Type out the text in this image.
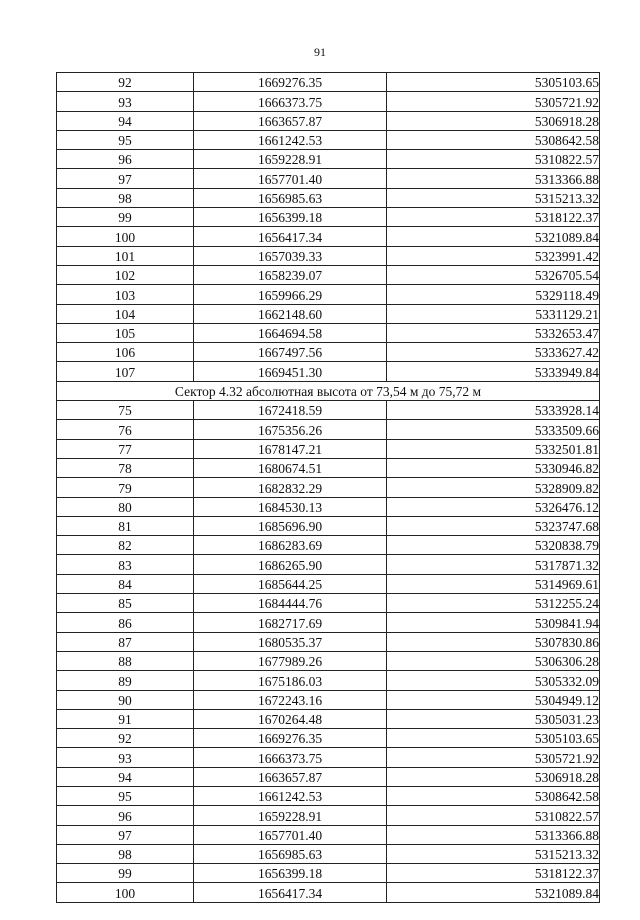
91
92	1669276.35	5305103.65
93	1666373.75	5305721.92
94	1663657.87	5306918.28
95	1661242.53	5308642.58
96	1659228.91	5310822.57
97	1657701.40	5313366.88
98	1656985.63	5315213.32
99	1656399.18	5318122.37
100	1656417.34	5321089.84
101	1657039.33	5323991.42
102	1658239.07	5326705.54
103	1659966.29	5329118.49
104	1662148.60	5331129.21
105	1664694.58	5332653.47
106	1667497.56	5333627.42
107	1669451.30	5333949.84
Сектор 4.32 абсолютная высота от 73,54 м до 75,72 м		
75	1672418.59	5333928.14
76	1675356.26	5333509.66
77	1678147.21	5332501.81
78	1680674.51	5330946.82
79	1682832.29	5328909.82
80	1684530.13	5326476.12
81	1685696.90	5323747.68
82	1686283.69	5320838.79
83	1686265.90	5317871.32
84	1685644.25	5314969.61
85	1684444.76	5312255.24
86	1682717.69	5309841.94
87	1680535.37	5307830.86
88	1677989.26	5306306.28
89	1675186.03	5305332.09
90	1672243.16	5304949.12
91	1670264.48	5305031.23
92	1669276.35	5305103.65
93	1666373.75	5305721.92
94	1663657.87	5306918.28
95	1661242.53	5308642.58
96	1659228.91	5310822.57
97	1657701.40	5313366.88
98	1656985.63	5315213.32
99	1656399.18	5318122.37
100	1656417.34	5321089.84
